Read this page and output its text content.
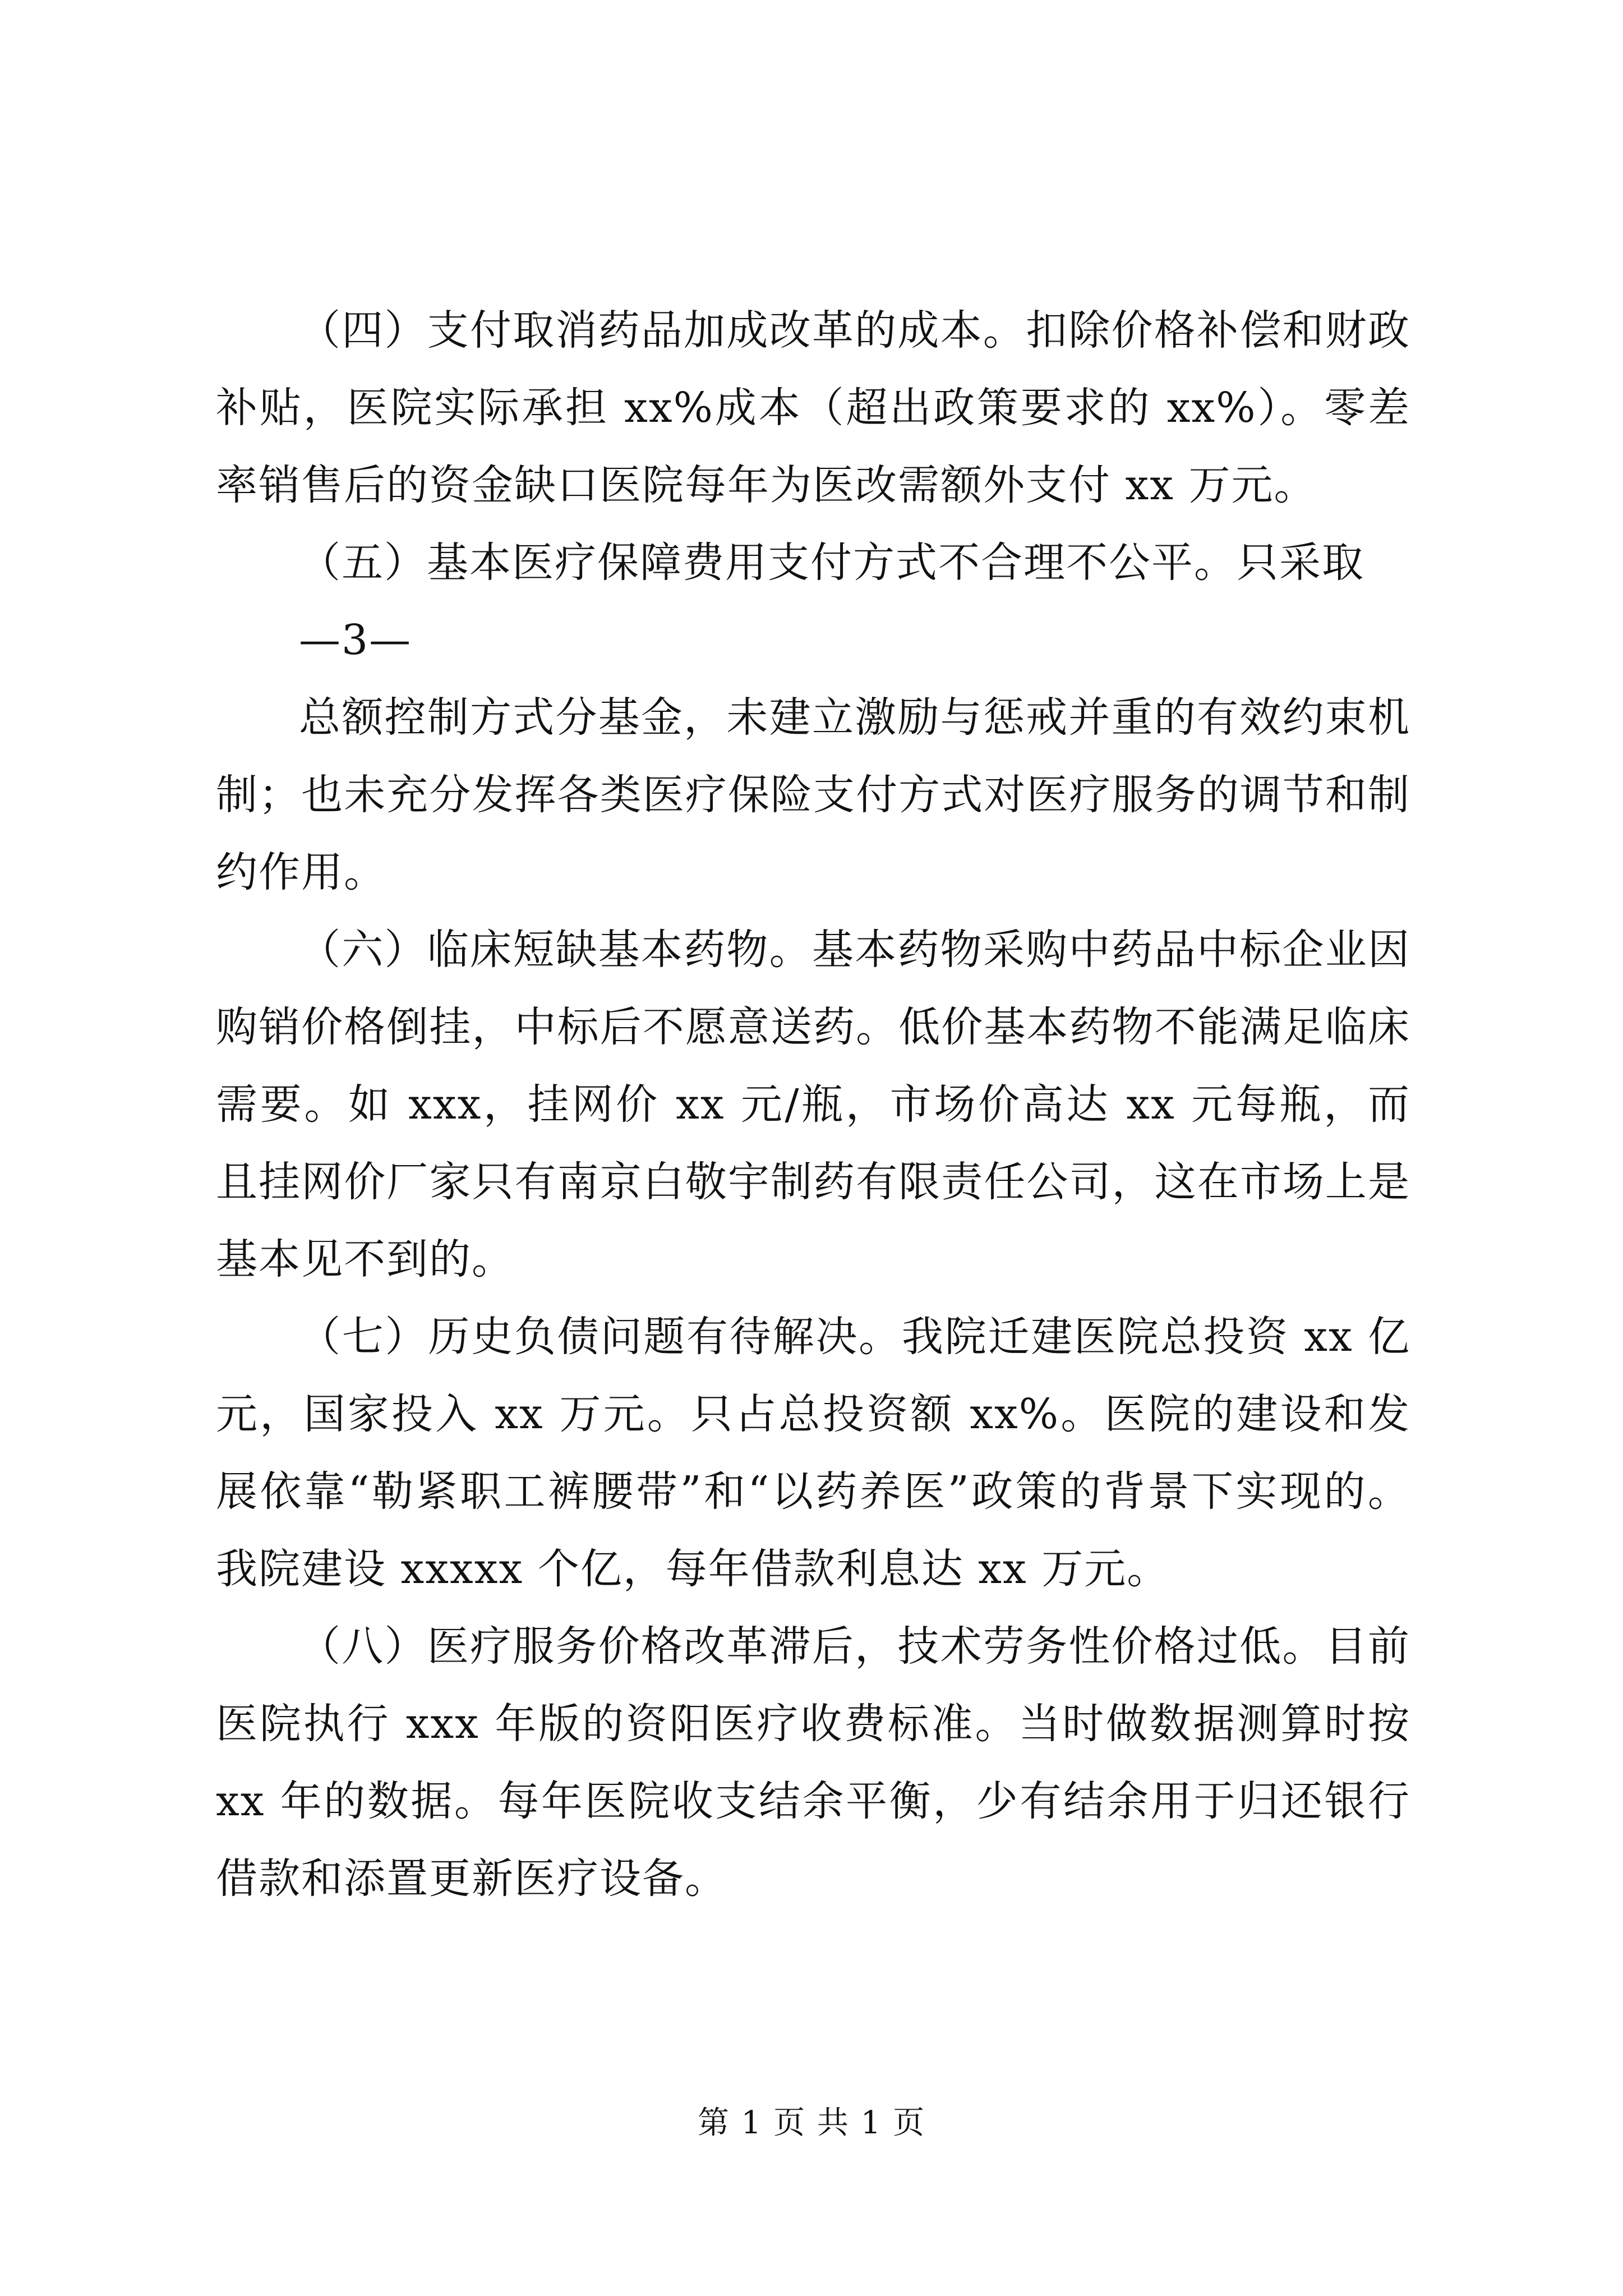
（四）支付取消药品加成改革的成本。扣除价格补偿和财政补贴，医院实际承担 xx%成本（超出政策要求的 xx%）。零差率销售后的资金缺口医院每年为医改需额外支付 xx 万元。

（五）基本医疗保障费用支付方式不合理不公平。只采取

—3—

总额控制方式分基金，未建立激励与惩戒并重的有效约束机制；也未充分发挥各类医疗保险支付方式对医疗服务的调节和制约作用。

（六）临床短缺基本药物。基本药物采购中药品中标企业因购销价格倒挂，中标后不愿意送药。低价基本药物不能满足临床需要。如 xxx，挂网价 xx 元/瓶，市场价高达 xx 元每瓶，而且挂网价厂家只有南京白敬宇制药有限责任公司，这在市场上是基本见不到的。

（七）历史负债问题有待解决。我院迁建医院总投资 xx 亿元，国家投入 xx 万元。只占总投资额 xx%。医院的建设和发展依靠“勒紧职工裤腰带”和“以药养医”政策的背景下实现的。我院建设 xxxxx 个亿，每年借款利息达 xx 万元。

（八）医疗服务价格改革滞后，技术劳务性价格过低。目前医院执行 xxx 年版的资阳医疗收费标准。当时做数据测算时按 xx 年的数据。每年医院收支结余平衡，少有结余用于归还银行借款和添置更新医疗设备。

第 1 页 共 1 页
